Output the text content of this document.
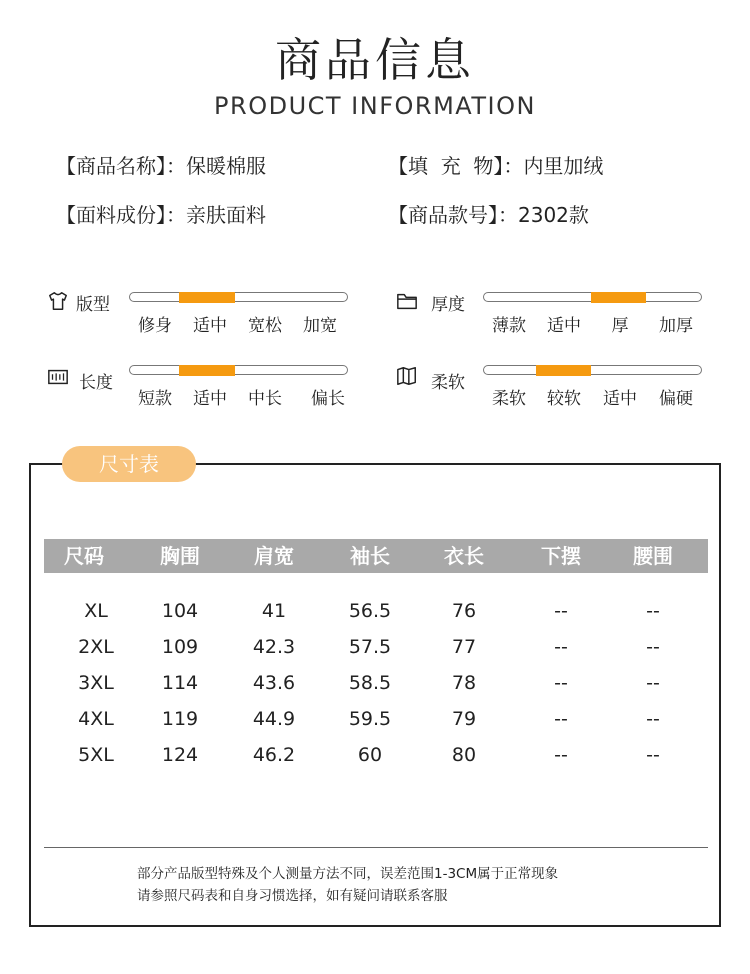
商品信息
PRODUCT INFORMATION
【商品名称】：保暖棉服	【填  充  物】：内里加绒
【面料成份】：亲肤面料	【商品款号】：2302款
版型
修身	适中	宽松	加宽
厚度
薄款	适中	厚	加厚
长度
短款	适中	中长	偏长
柔软
柔软	较软	适中	偏硬
尺寸表
尺码	胸围	肩宽	袖长	衣长	下摆	腰围
XL	104	41	56.5	76	--	--
2XL	109	42.3	57.5	77	--	--
3XL	114	43.6	58.5	78	--	--
4XL	119	44.9	59.5	79	--	--
5XL	124	46.2	60	80	--	--
部分产品版型特殊及个人测量方法不同，误差范围1-3CM属于正常现象
请参照尺码表和自身习惯选择，如有疑问请联系客服
